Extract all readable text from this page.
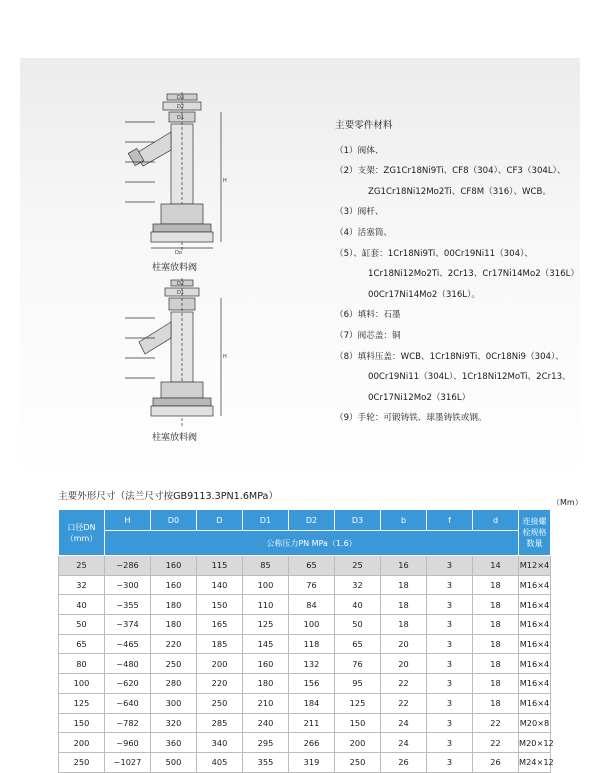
D3
D2
D1
H
Do
柱塞放料阀
D2
D1
H
柱塞放料阀
主要零件材料
（1）阀体、
（2）支架：ZG1Cr18Ni9Ti、CF8（304）、CF3（304L）、
ZG1Cr18Ni12Mo2Ti、CF8M（316）、WCB。
（3）阀杆、
（4）活塞筒、
（5）、缸套：1Cr18Ni9Ti、00Cr19Ni11（304）、
1Cr18Ni12Mo2Ti、2Cr13、Cr17Ni14Mo2（316L）
00Cr17Ni14Mo2（316L）。
（6）填料：石墨
（7）阀芯盖：铜
（8）填料压盖：WCB、1Cr18Ni9Ti、0Cr18Ni9（304）、
00Cr19Ni11（304L）、1Cr18Ni12MoTi、2Cr13、
0Cr17Ni12Mo2（316L）
（9）手轮：可锻铸铁、球墨铸铁或钢。
主要外形尺寸（法兰尺寸按GB9113.3PN1.6MPa）
（Mm）
口径DN（mm）	H	D0	D	D1	D2	D3	b	f	d	连接螺栓规格数量
	公称压力PN MPa（1.6）									
25	~286	160	115	85	65	25	16	3	14	M12×4
32	~300	160	140	100	76	32	18	3	18	M16×4
40	~355	180	150	110	84	40	18	3	18	M16×4
50	~374	180	165	125	100	50	18	3	18	M16×4
65	~465	220	185	145	118	65	20	3	18	M16×4
80	~480	250	200	160	132	76	20	3	18	M16×4
100	~620	280	220	180	156	95	22	3	18	M16×4
125	~640	300	250	210	184	125	22	3	18	M16×4
150	~782	320	285	240	211	150	24	3	22	M20×8
200	~960	360	340	295	266	200	24	3	22	M20×12
250	~1027	500	405	355	319	250	26	3	26	M24×12
